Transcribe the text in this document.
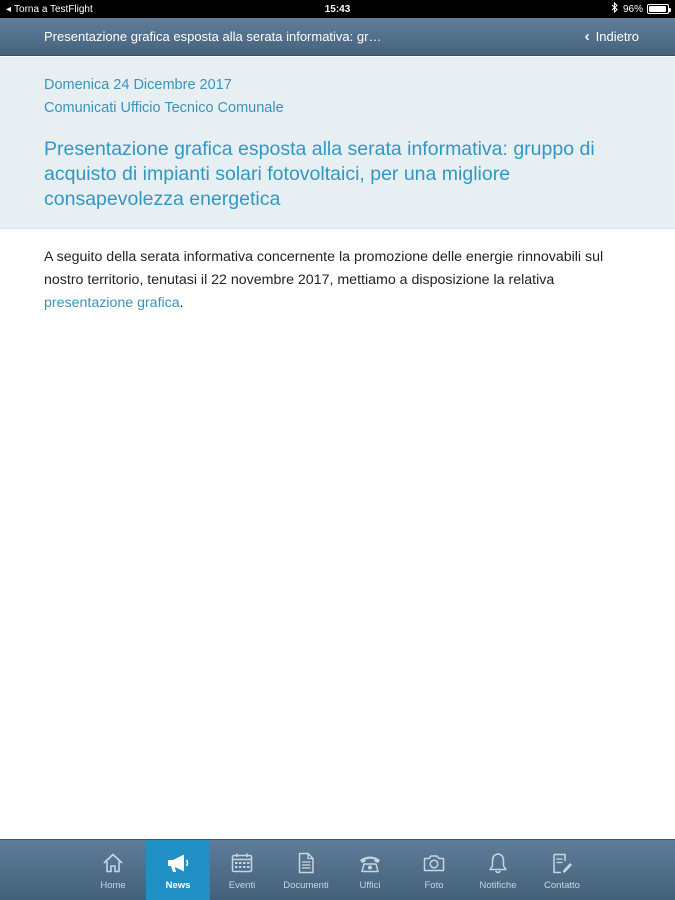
◂ Torna a TestFlight	15:43	96%
Presentazione grafica esposta alla serata informativa: gr…	‹ Indietro
Domenica 24 Dicembre 2017
Comunicati Ufficio Tecnico Comunale
Presentazione grafica esposta alla serata informativa: gruppo di acquisto di impianti solari fotovoltaici, per una migliore consapevolezza energetica
A seguito della serata informativa concernente la promozione delle energie rinnovabili sul nostro territorio, tenutasi il 22 novembre 2017, mettiamo a disposizione la relativa presentazione grafica.
Home	News	Eventi	Documenti	Uffici	Foto	Notifiche	Contatto
